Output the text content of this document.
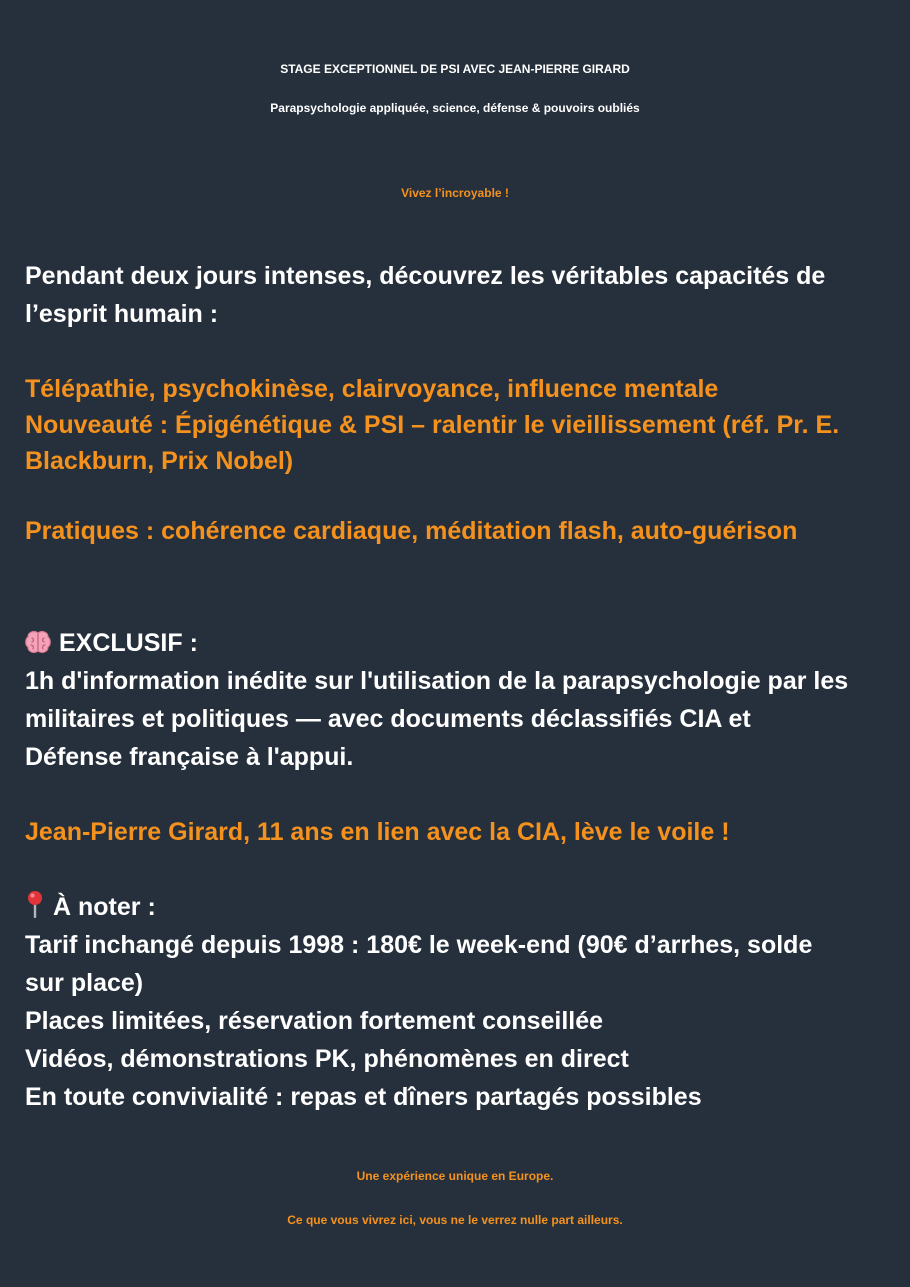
STAGE EXCEPTIONNEL DE PSI AVEC JEAN-PIERRE GIRARD
Parapsychologie appliquée, science, défense & pouvoirs oubliés
Vivez l’incroyable !
Pendant deux jours intenses, découvrez les véritables capacités de
l’esprit humain :
Télépathie, psychokinèse, clairvoyance, influence mentale
Nouveauté : Épigénétique & PSI – ralentir le vieillissement (réf. Pr. E.
Blackburn, Prix Nobel)
Pratiques : cohérence cardiaque, méditation flash, auto-guérison
EXCLUSIF :
1h d'information inédite sur l'utilisation de la parapsychologie par les
militaires et politiques — avec documents déclassifiés CIA et
Défense française à l'appui.
Jean-Pierre Girard, 11 ans en lien avec la CIA, lève le voile !
À noter :
Tarif inchangé depuis 1998 : 180€ le week-end (90€ d’arrhes, solde
sur place)
Places limitées, réservation fortement conseillée
Vidéos, démonstrations PK, phénomènes en direct
En toute convivialité : repas et dîners partagés possibles
Une expérience unique en Europe.
Ce que vous vivrez ici, vous ne le verrez nulle part ailleurs.
